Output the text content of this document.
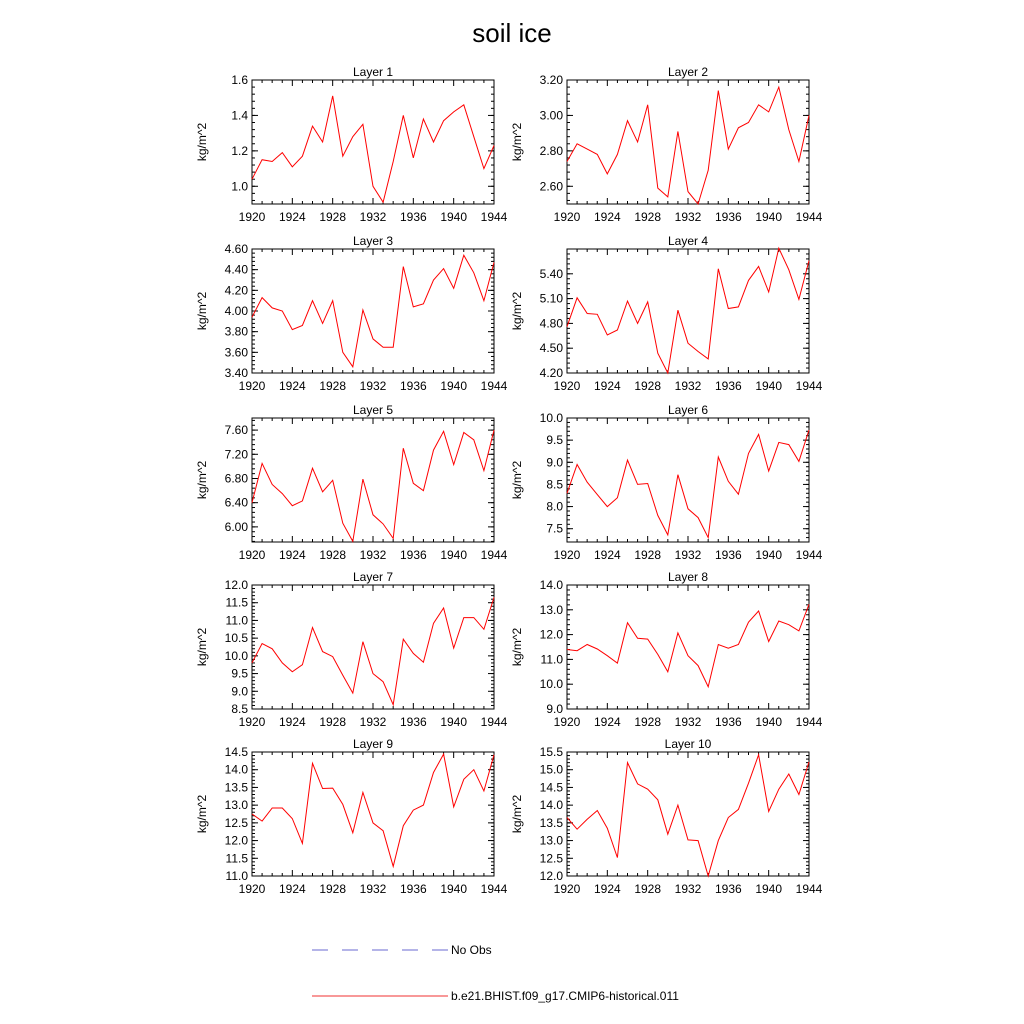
soil ice
Layer 1
1920 1924 1928 1932 1936 1940 1944
1.0
1.2
1.4
1.6
kg/m^2
Layer 2
1920 1924 1928 1932 1936 1940 1944
2.60
2.80
3.00
3.20
kg/m^2
Layer 3
1920 1924 1928 1932 1936 1940 1944
3.40
3.60
3.80
4.00
4.20
4.40
4.60
kg/m^2
Layer 4
1920 1924 1928 1932 1936 1940 1944
4.20
4.50
4.80
5.10
5.40
kg/m^2
Layer 5
1920 1924 1928 1932 1936 1940 1944
6.00
6.40
6.80
7.20
7.60
kg/m^2
Layer 6
1920 1924 1928 1932 1936 1940 1944
7.5
8.0
8.5
9.0
9.5
10.0
kg/m^2
Layer 7
1920 1924 1928 1932 1936 1940 1944
8.5
9.0
9.5
10.0
10.5
11.0
11.5
12.0
kg/m^2
Layer 8
1920 1924 1928 1932 1936 1940 1944
9.0
10.0
11.0
12.0
13.0
14.0
kg/m^2
Layer 9
1920 1924 1928 1932 1936 1940 1944
11.0
11.5
12.0
12.5
13.0
13.5
14.0
14.5
kg/m^2
Layer 10
1920 1924 1928 1932 1936 1940 1944
12.0
12.5
13.0
13.5
14.0
14.5
15.0
15.5
kg/m^2
No Obs
b.e21.BHIST.f09_g17.CMIP6-historical.011
